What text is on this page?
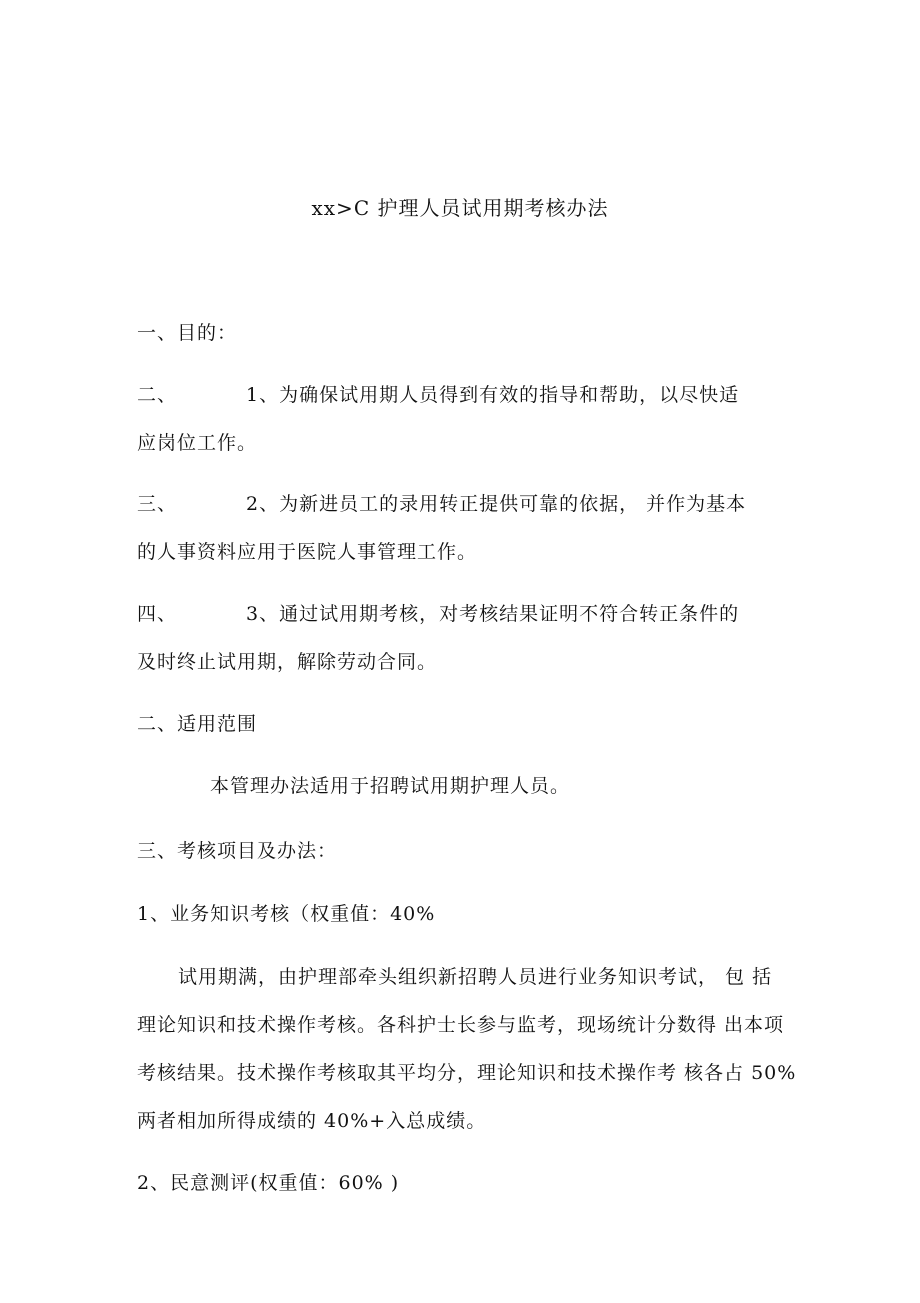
xx>C 护理人员试用期考核办法
一、目的：
二、	1、为确保试用期人员得到有效的指导和帮助，以尽快适
应岗位工作。
三、	2、为新进员工的录用转正提供可靠的依据， 并作为基本
的人事资料应用于医院人事管理工作。
四、	3、通过试用期考核，对考核结果证明不符合转正条件的
及时终止试用期，解除劳动合同。
二、适用范围
本管理办法适用于招聘试用期护理人员。
三、考核项目及办法：
1、业务知识考核（权重值：40%
试用期满，由护理部牵头组织新招聘人员进行业务知识考试， 包 括
理论知识和技术操作考核。各科护士长参与监考，现场统计分数得 出本项
考核结果。技术操作考核取其平均分，理论知识和技术操作考 核各占 50%
两者相加所得成绩的 40%+入总成绩。
2、民意测评(权重值：60% )
